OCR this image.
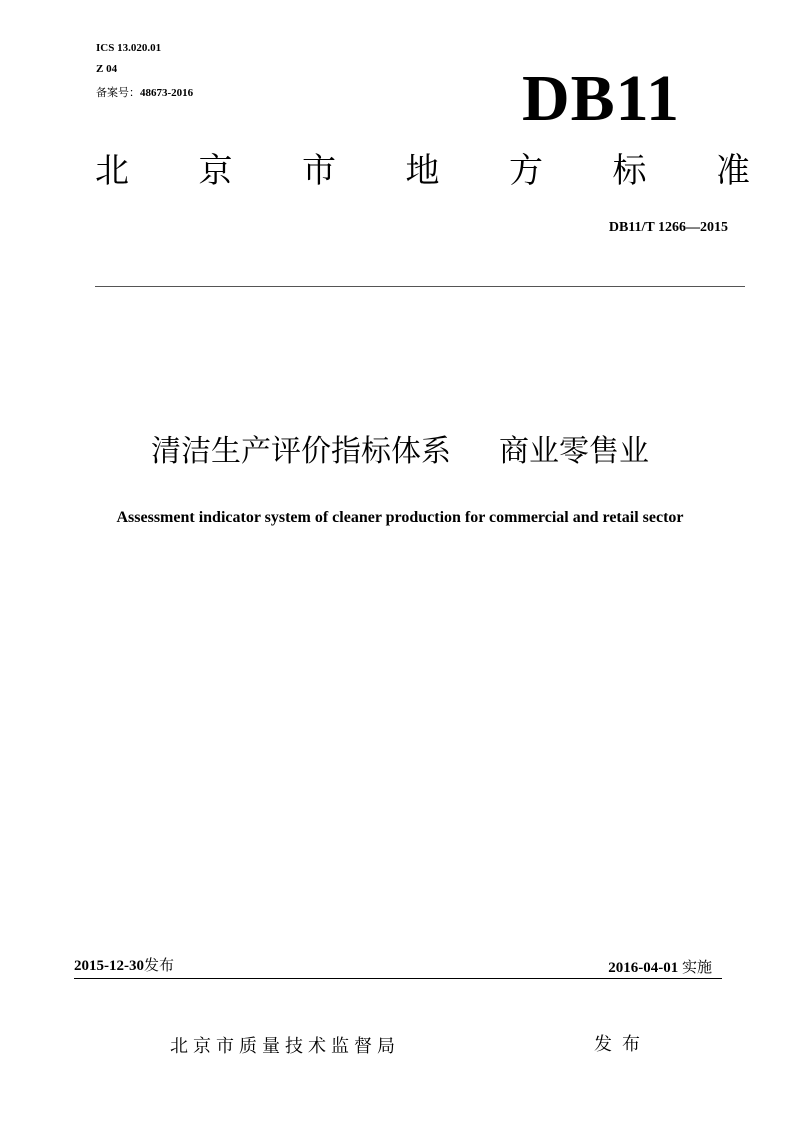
ICS 13.020.01
Z 04
备案号：48673-2016	DB11
北 京 市 地 方 标 准
DB11/T 1266—2015
清洁生产评价指标体系 商业零售业
Assessment indicator system of cleaner production for commercial and retail sector
2015-12-30发布	2016-04-01 实施
北京市质量技术监督局	发布
